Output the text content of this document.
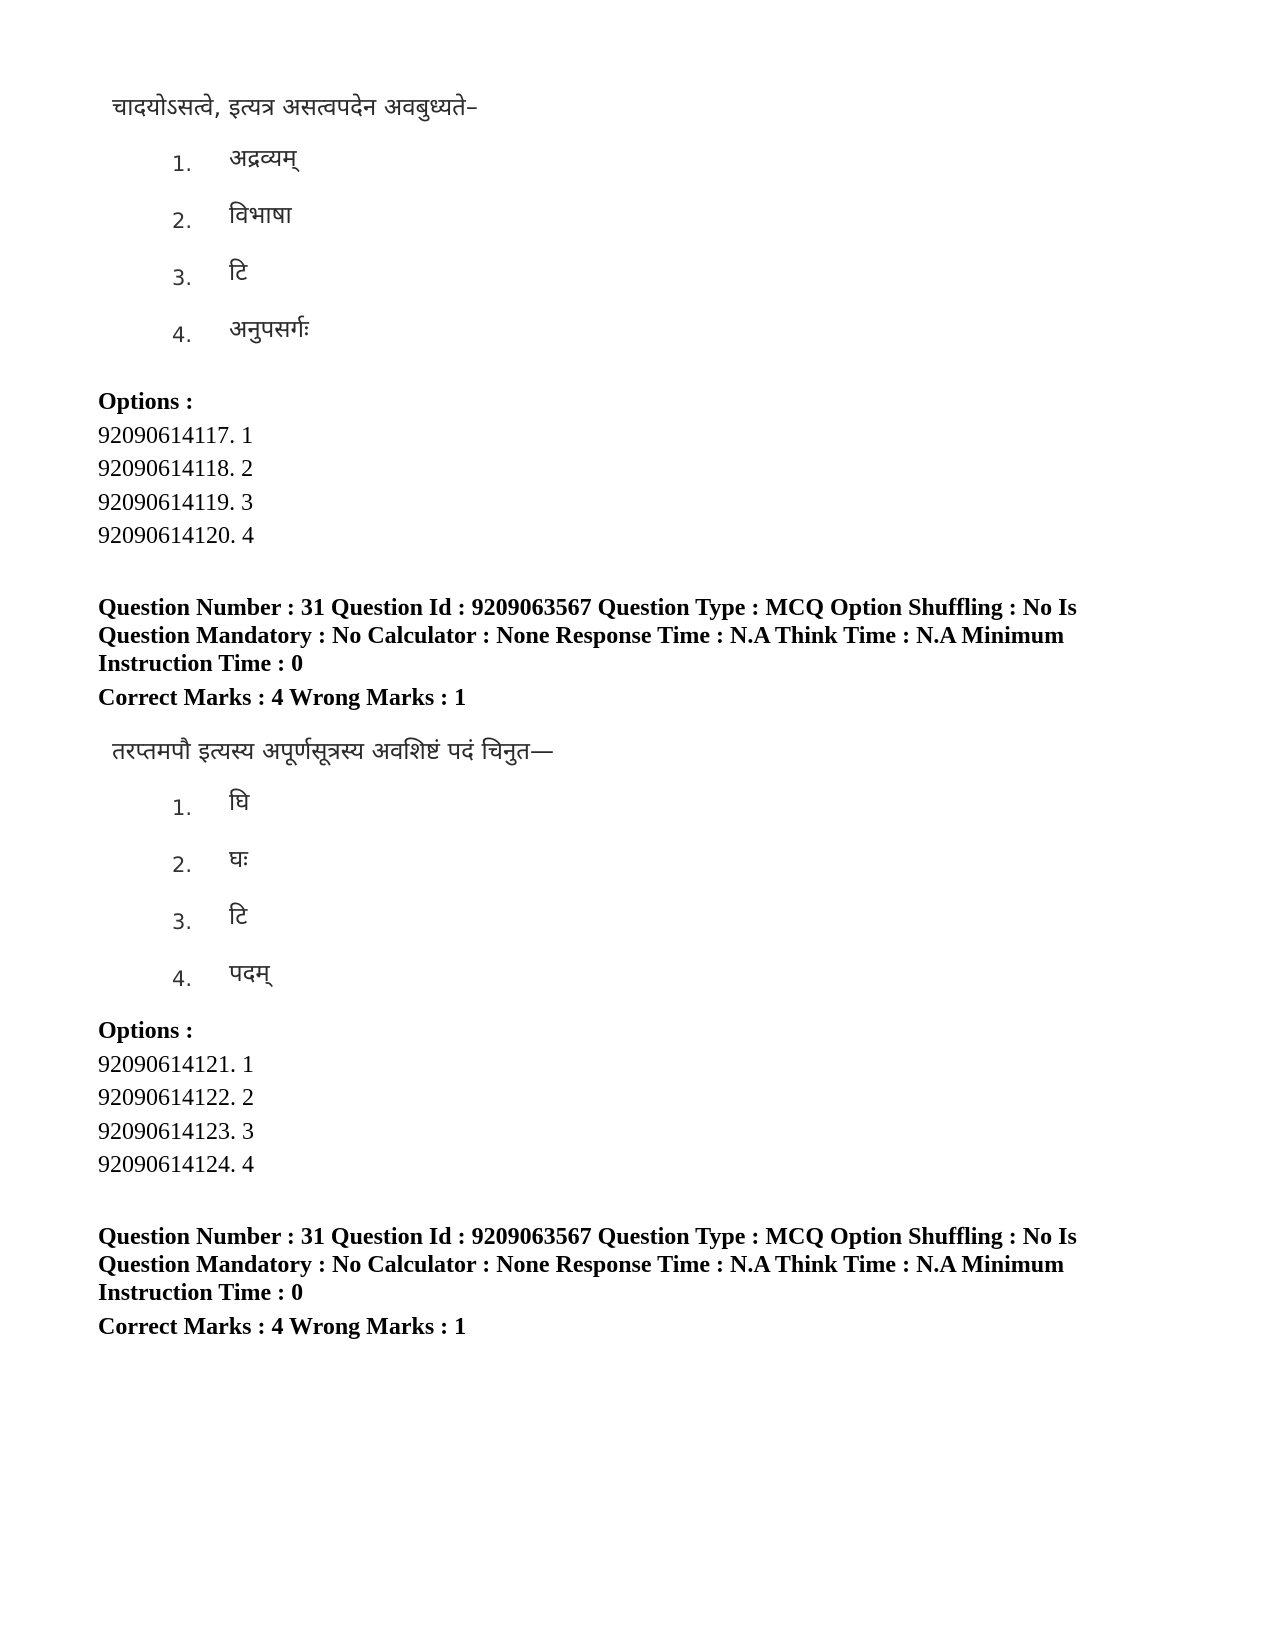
चादयोऽसत्वे, इत्यत्र असत्वपदेन अवबुध्यते–

1. अद्रव्यम्
2. विभाषा
3. टि
4. अनुपसर्गः
Options :
92090614117. 1
92090614118. 2
92090614119. 3
92090614120. 4
Question Number : 31 Question Id : 9209063567 Question Type : MCQ Option Shuffling : No Is Question Mandatory : No Calculator : None Response Time : N.A Think Time : N.A Minimum Instruction Time : 0
Correct Marks : 4 Wrong Marks : 1

तरप्तमपौ इत्यस्य अपूर्णसूत्रस्य अवशिष्टं पदं चिनुत—

1. घि
2. घः
3. टि
4. पदम्
Options :
92090614121. 1
92090614122. 2
92090614123. 3
92090614124. 4
Question Number : 31 Question Id : 9209063567 Question Type : MCQ Option Shuffling : No Is Question Mandatory : No Calculator : None Response Time : N.A Think Time : N.A Minimum Instruction Time : 0
Correct Marks : 4 Wrong Marks : 1
